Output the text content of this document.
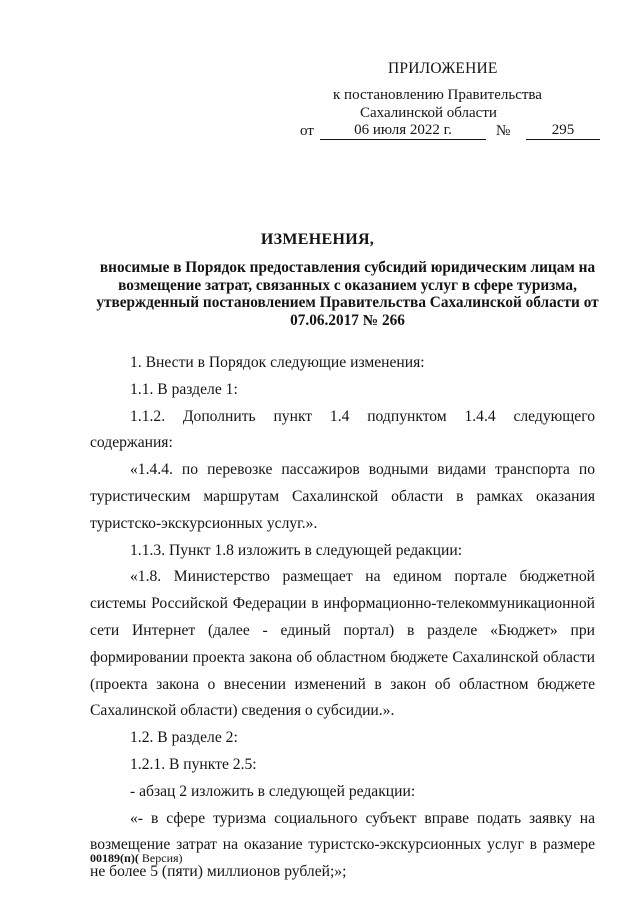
ПРИЛОЖЕНИЕ
к постановлению Правительства
Сахалинской области
от	06 июля 2022 г.	№	295
ИЗМЕНЕНИЯ,
вносимые в Порядок предоставления субсидий юридическим лицам на возмещение затрат, связанных с оказанием услуг в сфере туризма, утвержденный постановлением Правительства Сахалинской области от 07.06.2017 № 266

1. Внести в Порядок следующие изменения:

1.1. В разделе 1:

1.1.2. Дополнить пункт 1.4 подпунктом 1.4.4 следующего содержания:

«1.4.4. по перевозке пассажиров водными видами транспорта по туристическим маршрутам Сахалинской области в рамках оказания туристско-экскурсионных услуг.».

1.1.3. Пункт 1.8 изложить в следующей редакции:

«1.8. Министерство размещает на едином портале бюджетной системы Российской Федерации в информационно-телекоммуникационной сети Интернет (далее - единый портал) в разделе «Бюджет» при формировании проекта закона об областном бюджете Сахалинской области (проекта закона о внесении изменений в закон об областном бюджете Сахалинской области) сведения о субсидии.».

1.2. В разделе 2:

1.2.1. В пункте 2.5:

- абзац 2 изложить в следующей редакции:

«- в сфере туризма социального субъект вправе подать заявку на возмещение затрат на оказание туристско-экскурсионных услуг в размере не более 5 (пяти) миллионов рублей;»;

00189(п)( Версия)
